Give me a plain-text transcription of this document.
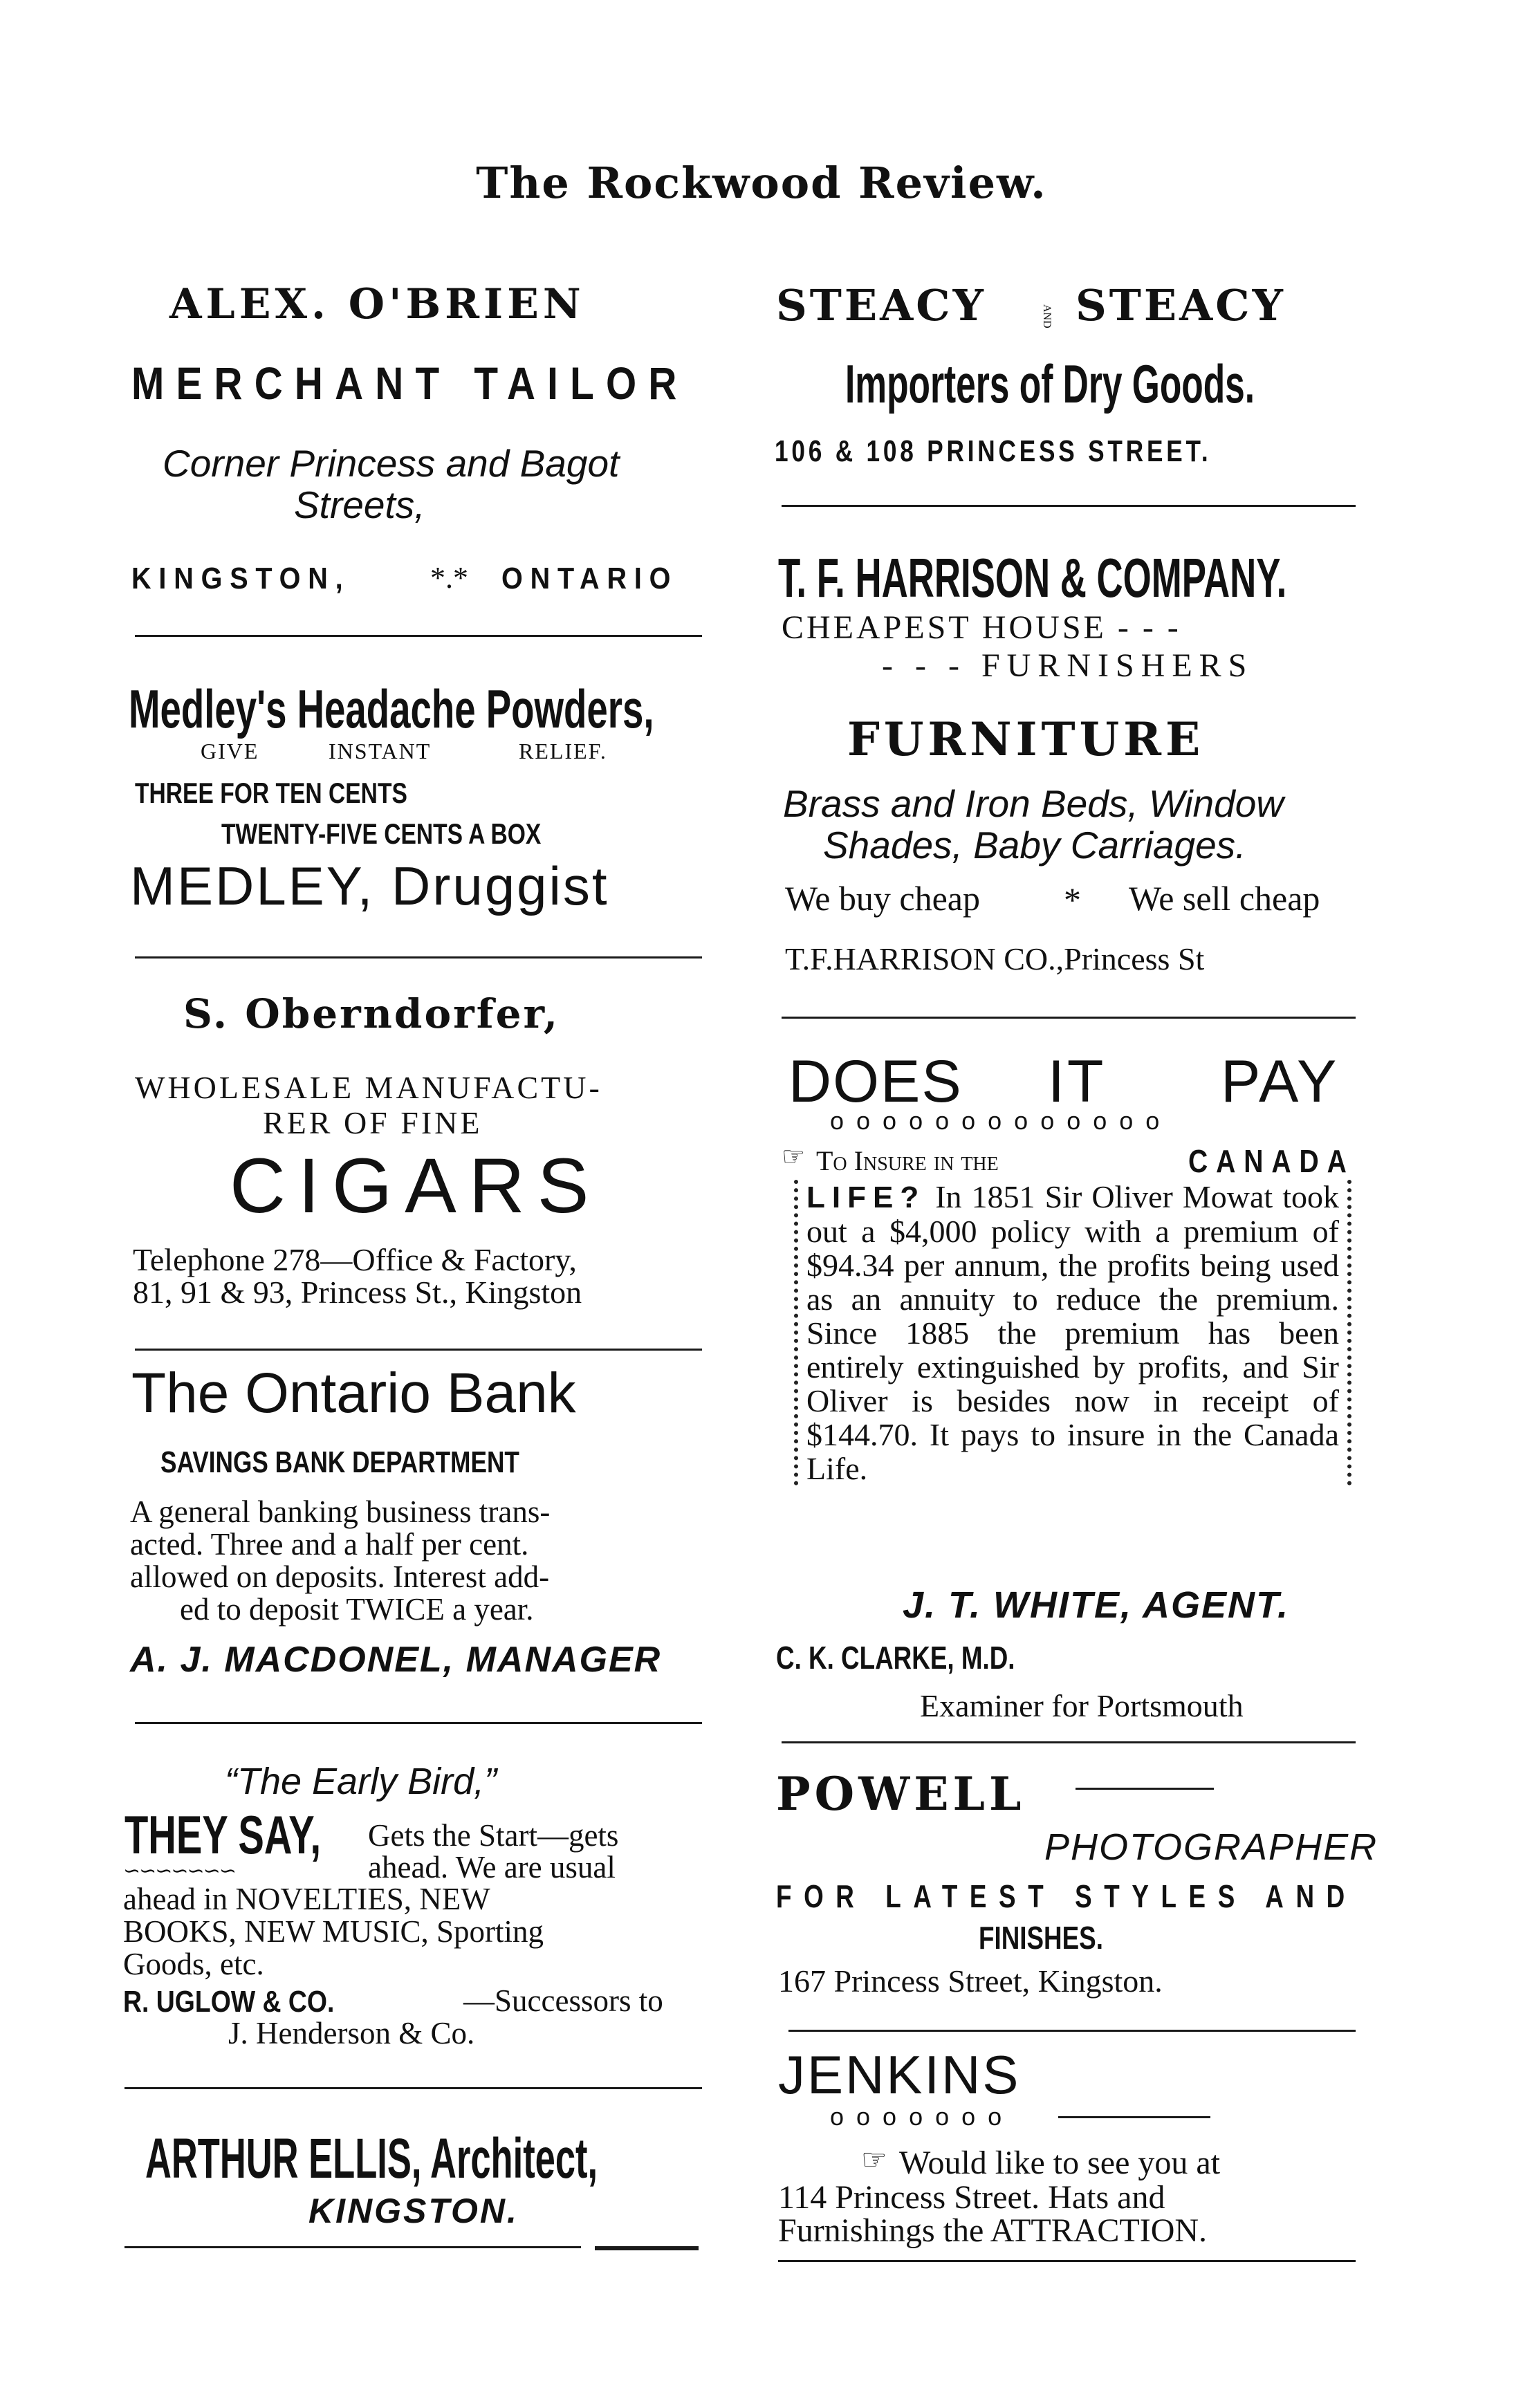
The Rockwood Review.
ALEX. O'BRIEN
MERCHANT TAILOR
Corner Princess and Bagot
Streets,
KINGSTON,	*.* ONTARIO
Medley's Headache Powders,
GIVE	INSTANT	RELIEF.
THREE FOR TEN CENTS
TWENTY-FIVE CENTS A BOX
MEDLEY, Druggist
S. Oberndorfer,
WHOLESALE MANUFACTU-
RER OF FINE
CIGARS
Telephone 278—Office & Factory,
81, 91 & 93, Princess St., Kingston
The Ontario Bank
SAVINGS BANK DEPARTMENT
A general banking business trans-
acted. Three and a half per cent.
allowed on deposits. Interest add-
ed to deposit TWICE a year.
A. J. MACDONEL, MANAGER
“The Early Bird,”
THEY SAY,
∽∽∽∽∽∽∽
Gets the Start—gets
ahead. We are usual
ahead in NOVELTIES, NEW
BOOKS, NEW MUSIC, Sporting
Goods, etc.
R. UGLOW & CO.	—Successors to
J. Henderson & Co.
ARTHUR ELLIS, Architect,
KINGSTON.
STEACY	AND STEACY
Importers of Dry Goods.
106 & 108 PRINCESS STREET.
T. F. HARRISON & COMPANY.
CHEAPEST HOUSE - - -
- - - FURNISHERS
FURNITURE
Brass and Iron Beds, Window
Shades, Baby Carriages.
We buy cheap * We sell cheap
T.F.HARRISON CO.,Princess St
DOES IT PAY
o o o o o o o o o o o o o
☞ To Insure in the	CANADA
LIFE? In 1851 Sir Oliver Mowat took out a $4,000 policy with a premium of $94.34 per annum, the profits being used as an annuity to reduce the premium. Since 1885 the premium has been entirely extinguished by profits, and Sir Oliver is besides now in receipt of $144.70. It pays to insure in the Canada Life.
J. T. WHITE, AGENT.
C. K. CLARKE, M.D.
Examiner for Portsmouth
POWELL
PHOTOGRAPHER
FOR LATEST STYLES AND
FINISHES.
167 Princess Street, Kingston.
JENKINS
o o o o o o o
☞ Would like to see you at
114 Princess Street. Hats and
Furnishings the ATTRACTION.
